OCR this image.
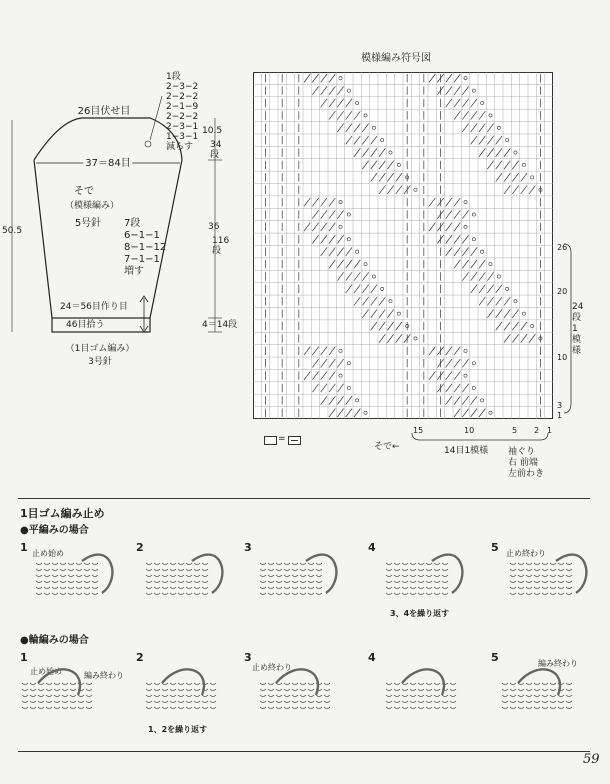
26目伏せ目
37＝84目
そで
（模様編み）
5号針
50.5
7段
6−1−1
8−1−12
7−1−1
増す
1段
2−3−2
2−2−2
2−1−9
2−2−2
2−3−1
1−3−1
減らす
10.5
34段
36
116段
4＝14段
24＝56目作り目
46目拾う
（1目ゴム編み）
3号針
模様編み符号図
26
20
10
3
1
24段1模様
15	10	5 2 1
14目1模様
そで←	袖ぐり
右 前端
左前わき
=
1目ゴム編み止め
●平編みの場合
●輪編みの場合
1	2	3	4	5
止め始め	止め終わり
3、4を繰り返す
1	2	3	4	5
止め始め	編み終わり
止め終わり
1、2を繰り返す
編み終わり
59
